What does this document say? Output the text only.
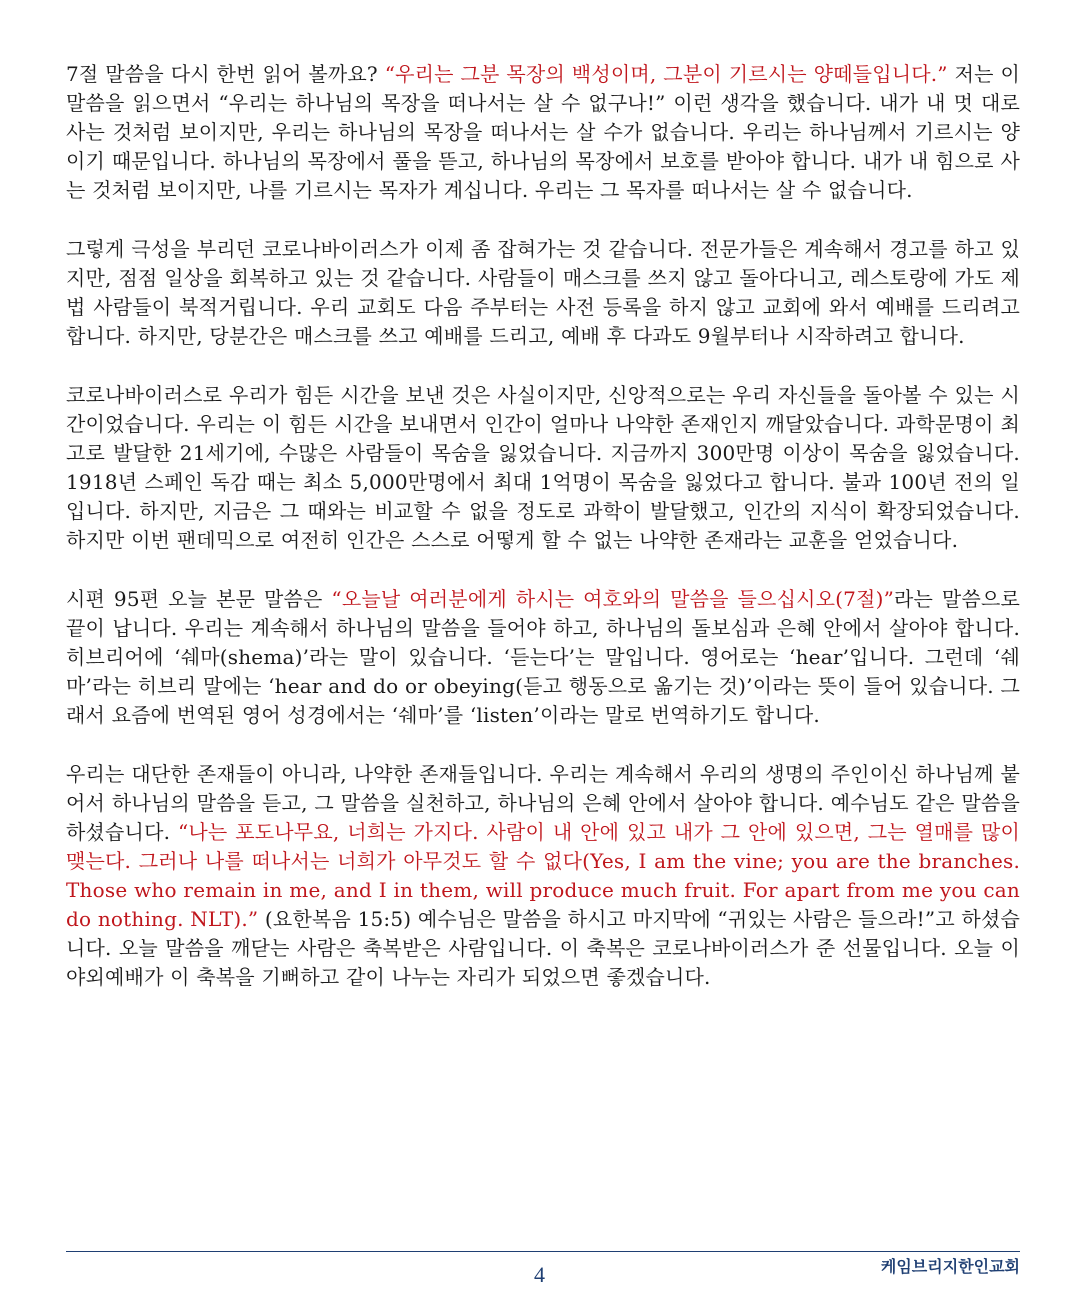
7절 말씀을 다시 한번 읽어 볼까요? “우리는 그분 목장의 백성이며, 그분이 기르시는 양떼들입니다.” 저는 이 말씀을 읽으면서 “우리는 하나님의 목장을 떠나서는 살 수 없구나!” 이런 생각을 했습니다. 내가 내 멋 대로 사는 것처럼 보이지만, 우리는 하나님의 목장을 떠나서는 살 수가 없습니다. 우리는 하나님께서 기르시는 양이기 때문입니다. 하나님의 목장에서 풀을 뜯고, 하나님의 목장에서 보호를 받아야 합니다. 내가 내 힘으로 사는 것처럼 보이지만, 나를 기르시는 목자가 계십니다. 우리는 그 목자를 떠나서는 살 수 없습니다.

그렇게 극성을 부리던 코로나바이러스가 이제 좀 잡혀가는 것 같습니다. 전문가들은 계속해서 경고를 하고 있지만, 점점 일상을 회복하고 있는 것 같습니다. 사람들이 매스크를 쓰지 않고 돌아다니고, 레스토랑에 가도 제법 사람들이 북적거립니다. 우리 교회도 다음 주부터는 사전 등록을 하지 않고 교회에 와서 예배를 드리려고 합니다. 하지만, 당분간은 매스크를 쓰고 예배를 드리고, 예배 후 다과도 9월부터나 시작하려고 합니다.

코로나바이러스로 우리가 힘든 시간을 보낸 것은 사실이지만, 신앙적으로는 우리 자신들을 돌아볼 수 있는 시간이었습니다. 우리는 이 힘든 시간을 보내면서 인간이 얼마나 나약한 존재인지 깨달았습니다. 과학문명이 최고로 발달한 21세기에, 수많은 사람들이 목숨을 잃었습니다. 지금까지 300만명 이상이 목숨을 잃었습니다. 1918년 스페인 독감 때는 최소 5,000만명에서 최대 1억명이 목숨을 잃었다고 합니다. 불과 100년 전의 일입니다. 하지만, 지금은 그 때와는 비교할 수 없을 정도로 과학이 발달했고, 인간의 지식이 확장되었습니다. 하지만 이번 팬데믹으로 여전히 인간은 스스로 어떻게 할 수 없는 나약한 존재라는 교훈을 얻었습니다.

시편 95편 오늘 본문 말씀은 “오늘날 여러분에게 하시는 여호와의 말씀을 들으십시오(7절)”라는 말씀으로 끝이 납니다. 우리는 계속해서 하나님의 말씀을 들어야 하고, 하나님의 돌보심과 은혜 안에서 살아야 합니다. 히브리어에 ‘쉐마(shema)’라는 말이 있습니다. ‘듣는다’는 말입니다. 영어로는 ‘hear’입니다. 그런데 ‘쉐마’라는 히브리 말에는 ‘hear and do or obeying(듣고 행동으로 옮기는 것)’이라는 뜻이 들어 있습니다. 그래서 요즘에 번역된 영어 성경에서는 ‘쉐마’를 ‘listen’이라는 말로 번역하기도 합니다.

우리는 대단한 존재들이 아니라, 나약한 존재들입니다. 우리는 계속해서 우리의 생명의 주인이신 하나님께 붙어서 하나님의 말씀을 듣고, 그 말씀을 실천하고, 하나님의 은혜 안에서 살아야 합니다. 예수님도 같은 말씀을 하셨습니다. “나는 포도나무요, 너희는 가지다. 사람이 내 안에 있고 내가 그 안에 있으면, 그는 열매를 많이 맺는다. 그러나 나를 떠나서는 너희가 아무것도 할 수 없다(Yes, I am the vine; you are the branches. Those who remain in me, and I in them, will produce much fruit. For apart from me you can do nothing. NLT).” (요한복음 15:5) 예수님은 말씀을 하시고 마지막에 “귀있는 사람은 들으라!”고 하셨습니다. 오늘 말씀을 깨닫는 사람은 축복받은 사람입니다. 이 축복은 코로나바이러스가 준 선물입니다. 오늘 이 야외예배가 이 축복을 기뻐하고 같이 나누는 자리가 되었으면 좋겠습니다.

4	케임브리지한인교회
